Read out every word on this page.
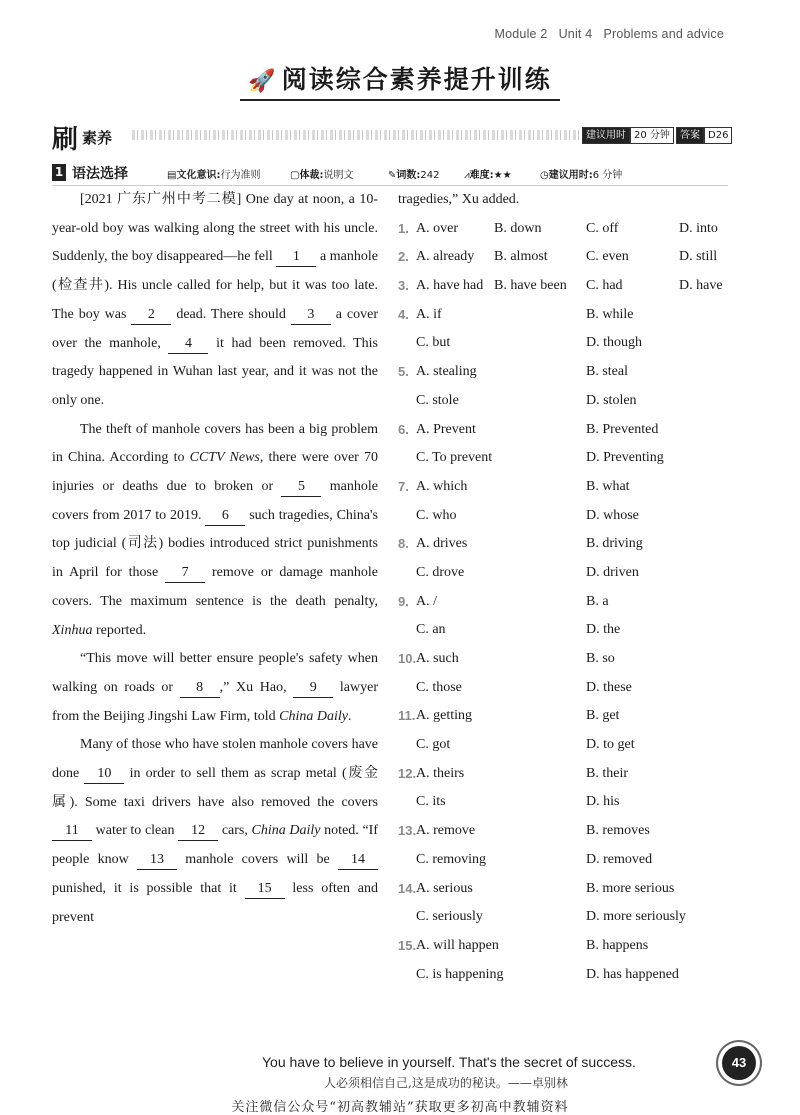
Module 2 Unit 4 Problems and advice
🚀 阅读综合素养提升训练
刷 素养	建议用时 20 分钟	答案 D26
1 语法选择	▤文化意识:行为准则	▢体裁:说明文	✎词数:242 ⩘难度:★★	◷建议用时:6 分钟

[2021 广东广州中考二模] One day at noon, a 10-year-old boy was walking along the street with his uncle. Suddenly, the boy disappeared—he fell 1 a manhole (检查井). His uncle called for help, but it was too late. The boy was 2 dead. There should 3 a cover over the manhole, 4 it had been removed. This tragedy happened in Wuhan last year, and it was not the only one.

The theft of manhole covers has been a big problem in China. According to CCTV News, there were over 70 injuries or deaths due to broken or 5 manhole covers from 2017 to 2019. 6 such tragedies, China's top judicial (司法) bodies introduced strict punishments in April for those 7 remove or damage manhole covers. The maximum sentence is the death penalty, Xinhua reported.

“This move will better ensure people's safety when walking on roads or 8 ,” Xu Hao, 9 lawyer from the Beijing Jingshi Law Firm, told China Daily.

Many of those who have stolen manhole covers have done 10 in order to sell them as scrap metal (废金属). Some taxi drivers have also removed the covers 11 water to clean 12 cars, China Daily noted. “If people know 13 manhole covers will be 14 punished, it is possible that it 15 less often and prevent

tragedies,” Xu added.
1. A. over	B. down	C. off	D. into
2. A. already B. almost	C. even	D. still
3. A. have had B. have been C. had	D. have
4. A. if	B. while
C. but	D. though
5. A. stealing	B. steal
C. stole	D. stolen
6. A. Prevent	B. Prevented
C. To prevent	D. Preventing
7. A. which	B. what
C. who	D. whose
8. A. drives	B. driving
C. drove	D. driven
9. A. /	B. a
C. an	D. the
10. A. such	B. so
C. those	D. these
11. A. getting	B. get
C. got	D. to get
12. A. theirs	B. their
C. its	D. his
13. A. remove	B. removes
C. removing	D. removed
14. A. serious	B. more serious
C. seriously	D. more seriously
15. A. will happen	B. happens
C. is happening	D. has happened
You have to believe in yourself. That's the secret of success.
人必须相信自己,这是成功的秘诀。——卓别林
43
关注微信公众号“初高教辅站”获取更多初高中教辅资料
